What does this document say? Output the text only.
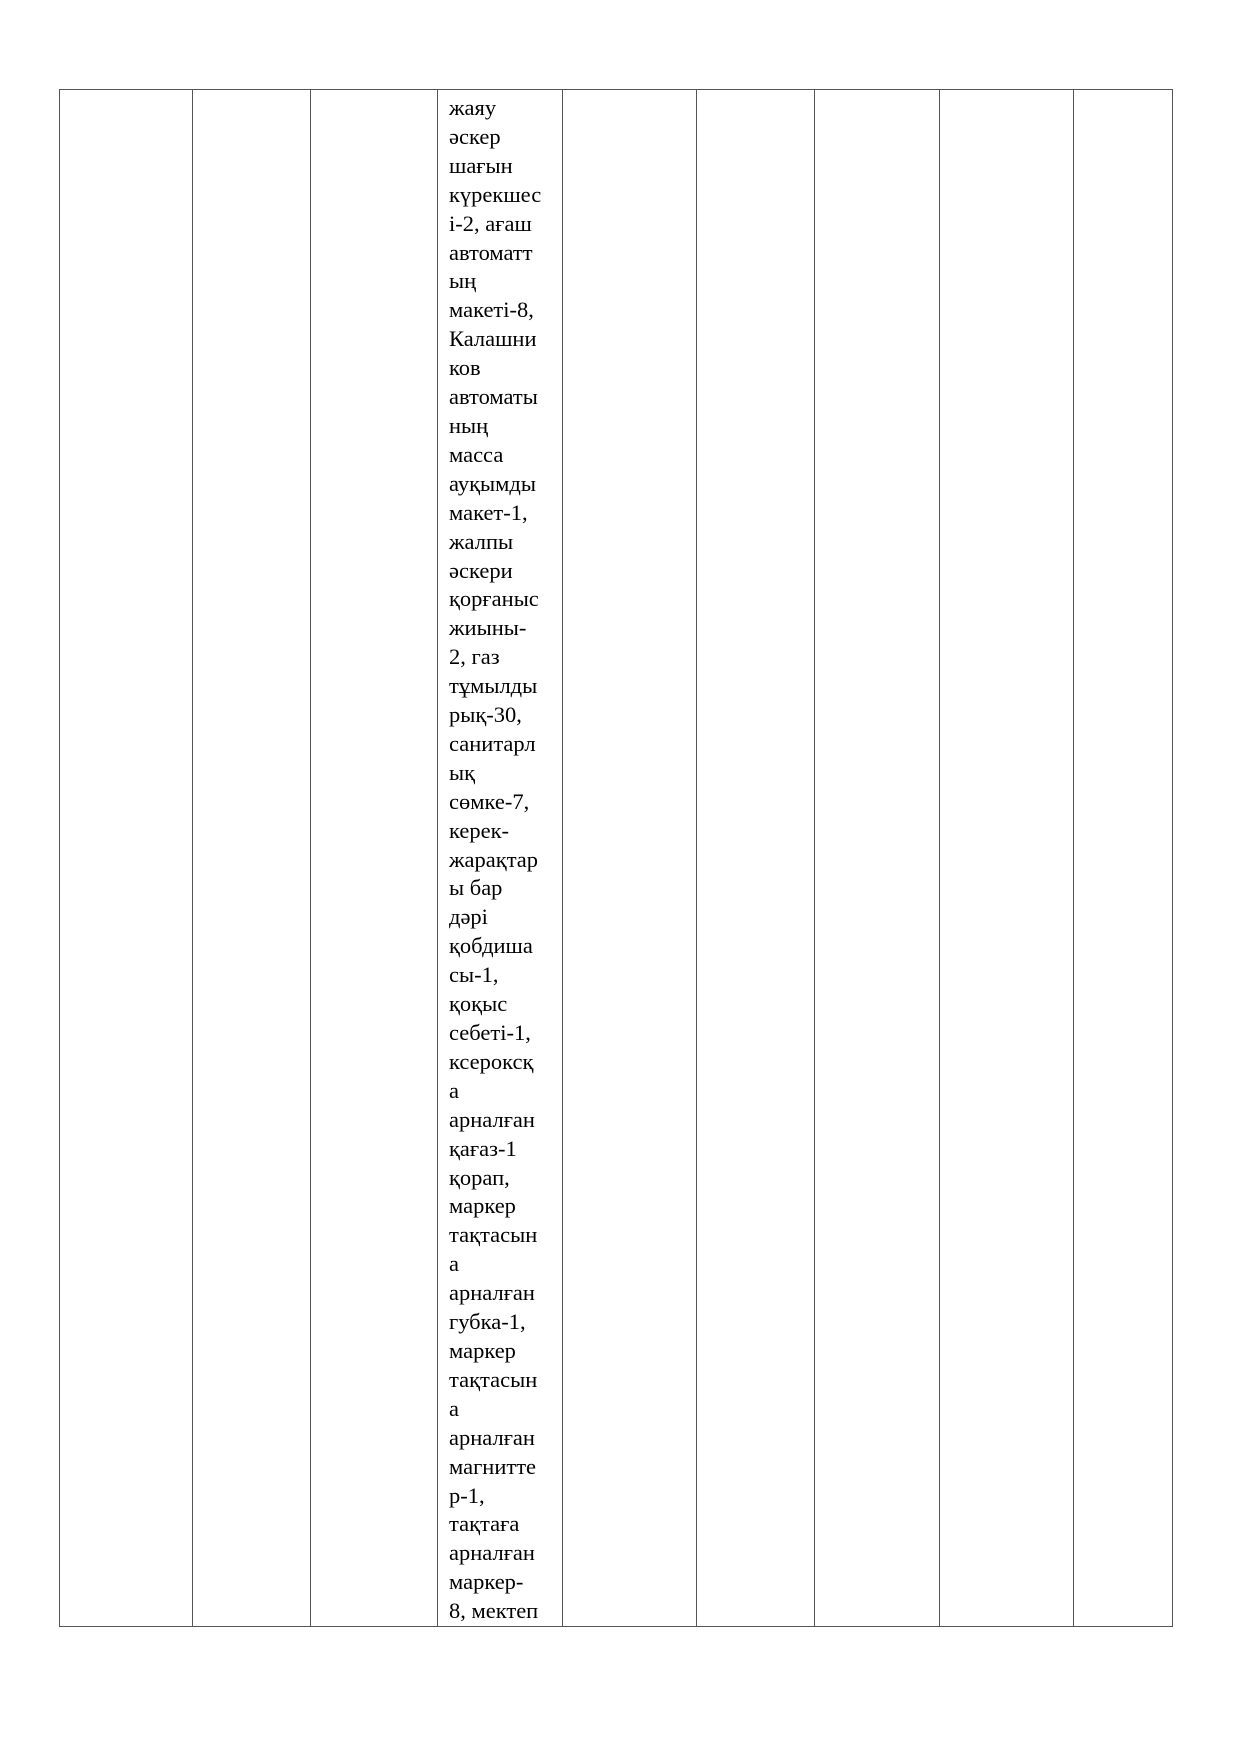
жаяу
әскер
шағын
күрекшес
і-2, ағаш
автоматт
ың
макеті-8,
Калашни
ков
автоматы
ның
масса
ауқымды
макет-1,
жалпы
әскери
қорғаныс
жиыны-
2, газ
тұмылды
рық-30,
санитарл
ық
сөмке-7,
керек-
жарақтар
ы бар
дәрі
қобдиша
сы-1,
қоқыс
себеті-1,
ксероксқ
а
арналған
қағаз-1
қорап,
маркер
тақтасын
а
арналған
губка-1,
маркер
тақтасын
а
арналған
магнитте
р-1,
тақтаға
арналған
маркер-
8, мектеп
